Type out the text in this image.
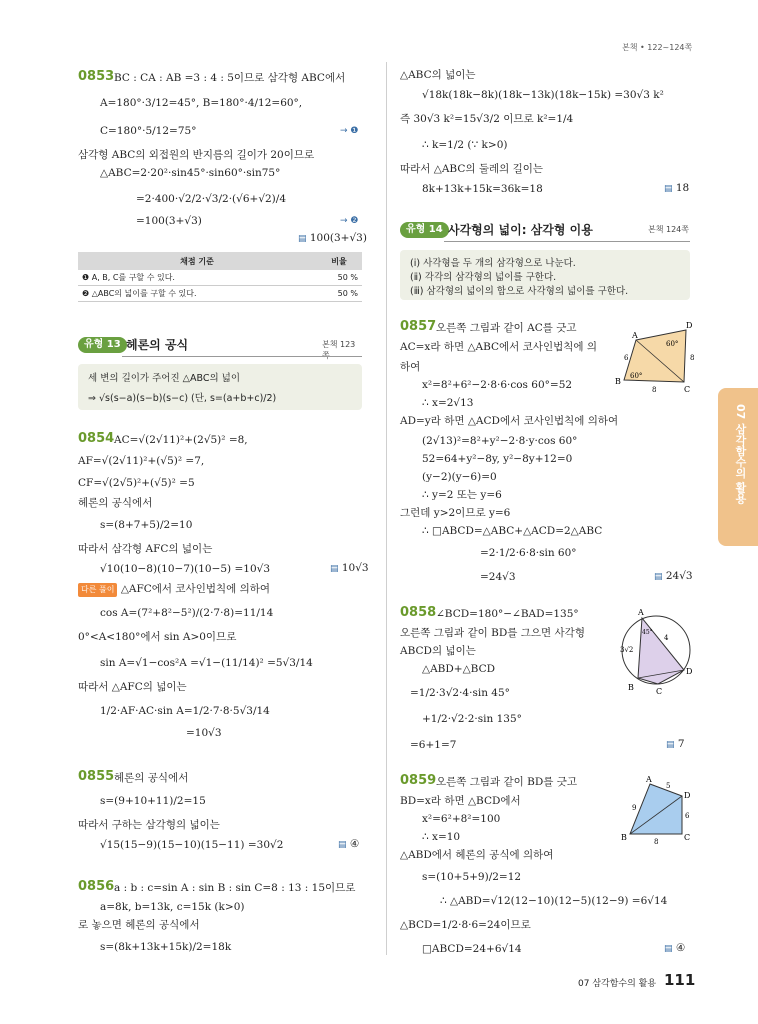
본책 • 122~124쪽
07 삼각함수의 활용
0853 BC : CA : AB =3 : 4 : 5이므로 삼각형 ABC에서
A=180°·3/12=45°, B=180°·4/12=60°,
C=180°·5/12=75°	→ ❶
삼각형 ABC의 외접원의 반지름의 길이가 20이므로
△ABC=2·20²·sin45°·sin60°·sin75°
=2·400·√2/2·√3/2·(√6+√2)/4
=100(3+√3)	→ ❷
▤ 100(3+√3)
채점 기준	비율
❶ A, B, C를 구할 수 있다.	50 %
❷ △ABC의 넓이를 구할 수 있다.	50 %
유형 13 헤론의 공식	본책 123
세 변의 길이가 주어진 △ABC의 넓이
⇒ √s(s−a)(s−b)(s−c) (단, s=(a+b+c)/2)
0854 AC=√(2√11)²+(2√5)² =8,
AF=√(2√11)²+(√5)² =7,
CF=√(2√5)²+(√5)² =5
헤론의 공식에서
s=(8+7+5)/2=10
따라서 삼각형 AFC의 넓이는
√10(10−8)(10−7)(10−5) =10√3	▤ 10√3
다른 풀이 △AFC에서 코사인법칙에 의하여
cos A=(7²+8²−5²)/(2·7·8)=11/14
0°<A<180°에서 sin A>0이므로
sin A=√1−cos²A =√1−(11/14)² =5√3/14
따라서 △AFC의 넓이는
1/2·AF·AC·sin A=1/2·7·8·5√3/14
=10√3
0855 헤론의 공식에서
s=(9+10+11)/2=15
따라서 구하는 삼각형의 넓이는
√15(15−9)(15−10)(15−11) =30√2	▤ ④
0856 a : b : c=sin A : sin B : sin C=8 : 13 : 15이므로
a=8k, b=13k, c=15k (k>0)
로 놓으면 헤론의 공식에서
s=(8k+13k+15k)/2=18k
△ABC의 넓이는
√18k(18k−8k)(18k−13k)(18k−15k) =30√3 k²
즉 30√3 k²=15√3/2 이므로 k²=1/4
∴ k=1/2 (∵ k>0)
따라서 △ABC의 둘레의 길이는
8k+13k+15k=36k=18	▤ 18
유형 14 사각형의 넓이: 삼각형 이용	본책 124쪽
(ⅰ) 사각형을 두 개의 삼각형으로 나눈다.
(ⅱ) 각각의 삼각형의 넓이를 구한다.
(ⅲ) 삼각형의 넓이의 합으로 사각형의 넓이를 구한다.
0857 오른쪽 그림과 같이 AC를 긋고
AC=x라 하면 △ABC에서 코사인법칙에 의
하여
x²=8²+6²−2·8·6·cos 60°=52
∴ x=2√13
AD=y라 하면 △ACD에서 코사인법칙에 의하여
(2√13)²=8²+y²−2·8·y·cos 60°
52=64+y²−8y, y²−8y+12=0
(y−2)(y−6)=0
∴ y=2 또는 y=6
그런데 y>2이므로 y=6
∴ □ABCD=△ABC+△ACD=2△ABC
=2·1/2·6·8·sin 60°
=24√3	▤ 24√3
A
D
B
C
6	8
8
60°
60°
0858 ∠BCD=180°−∠BAD=135°
오른쪽 그림과 같이 BD를 그으면 사각형
ABCD의 넓이는
△ABD+△BCD
=1/2·3√2·4·sin 45°
+1/2·√2·2·sin 135°
=6+1=7	▤ 7
A
B	C
D
3√2
4
45°
0859 오른쪽 그림과 같이 BD를 긋고
BD=x라 하면 △BCD에서
x²=6²+8²=100
∴ x=10
△ABD에서 헤론의 공식에 의하여
s=(10+5+9)/2=12
∴ △ABD=√12(12−10)(12−5)(12−9) =6√14
△BCD=1/2·8·6=24이므로
□ABCD=24+6√14	▤ ④
A
D
B	C
5
9
6
8
07 삼각함수의 활용 111
